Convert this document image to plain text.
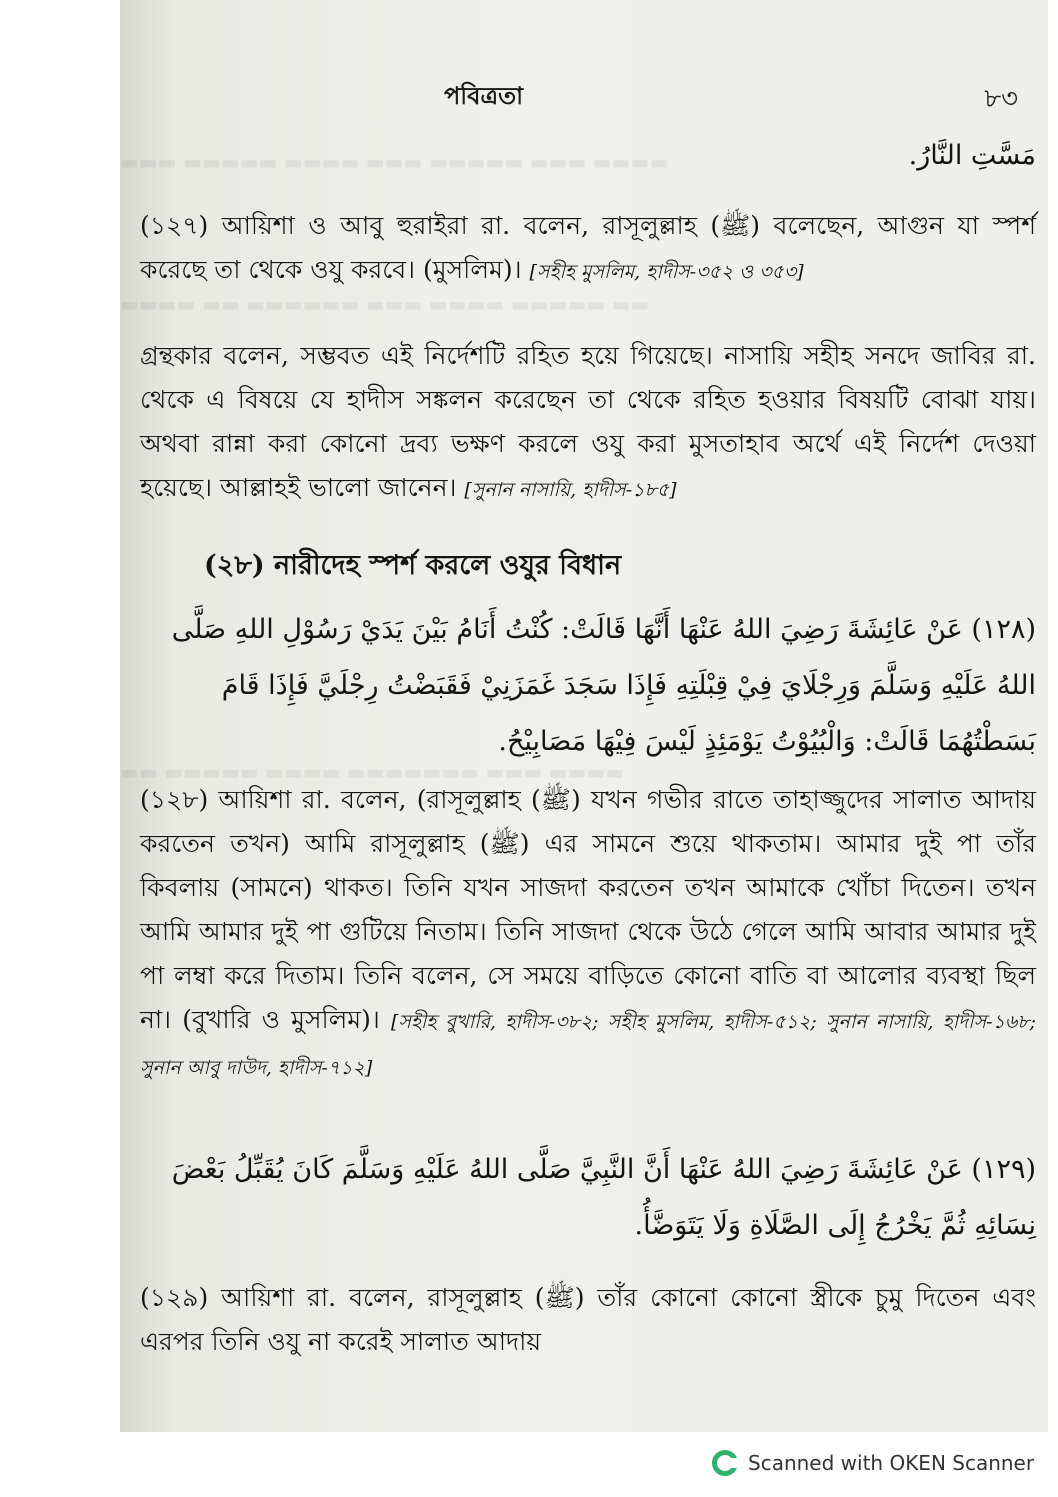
▬▬▬ ▬▬▬▬▬ ▬▬▬▬ ▬▬▬ ▬▬▬▬▬ ▬▬▬ ▬▬▬▬
▬▬▬▬ ▬▬ ▬▬▬▬▬▬ ▬▬▬ ▬▬▬▬ ▬▬▬▬▬ ▬▬
▬▬ ▬▬▬▬▬ ▬▬▬▬ ▬▬▬▬▬▬▬ ▬▬▬ ▬▬▬▬
পবিত্রতা	৮৩
مَسَّتِ النَّارُ.
(১২৭) আয়িশা ও আবু হুরাইরা রা. বলেন, রাসূলুল্লাহ (ﷺ) বলেছেন, আগুন যা স্পর্শ করেছে তা থেকে ওযু করবে। (মুসলিম)। [সহীহ মুসলিম, হাদীস-৩৫২ ও ৩৫৩]
গ্রন্থকার বলেন, সম্ভবত এই নির্দেশটি রহিত হয়ে গিয়েছে। নাসায়ি সহীহ সনদে জাবির রা. থেকে এ বিষয়ে যে হাদীস সঙ্কলন করেছেন তা থেকে রহিত হওয়ার বিষয়টি বোঝা যায়। অথবা রান্না করা কোনো দ্রব্য ভক্ষণ করলে ওযু করা মুসতাহাব অর্থে এই নির্দেশ দেওয়া হয়েছে। আল্লাহই ভালো জানেন। [সুনান নাসায়ি, হাদীস-১৮৫]
(২৮) নারীদেহ স্পর্শ করলে ওযুর বিধান
(١٢٨) عَنْ عَائِشَةَ رَضِيَ اللهُ عَنْهَا أَنَّهَا قَالَتْ: كُنْتُ أَنَامُ بَيْنَ يَدَيْ رَسُوْلِ اللهِ صَلَّى اللهُ عَلَيْهِ وَسَلَّمَ وَرِجْلَايَ فِيْ قِبْلَتِهِ فَإِذَا سَجَدَ غَمَزَنِيْ فَقَبَضْتُ رِجْلَيَّ فَإِذَا قَامَ بَسَطْتُهُمَا قَالَتْ: وَالْبُيُوْتُ يَوْمَئِذٍ لَيْسَ فِيْهَا مَصَابِيْحُ.
(১২৮) আয়িশা রা. বলেন, (রাসূলুল্লাহ (ﷺ) যখন গভীর রাতে তাহাজ্জুদের সালাত আদায় করতেন তখন) আমি রাসূলুল্লাহ (ﷺ) এর সামনে শুয়ে থাকতাম। আমার দুই পা তাঁর কিবলায় (সামনে) থাকত। তিনি যখন সাজদা করতেন তখন আমাকে খোঁচা দিতেন। তখন আমি আমার দুই পা গুটিয়ে নিতাম। তিনি সাজদা থেকে উঠে গেলে আমি আবার আমার দুই পা লম্বা করে দিতাম। তিনি বলেন, সে সময়ে বাড়িতে কোনো বাতি বা আলোর ব্যবস্থা ছিল না। (বুখারি ও মুসলিম)। [সহীহ বুখারি, হাদীস-৩৮২; সহীহ মুসলিম, হাদীস-৫১২; সুনান নাসায়ি, হাদীস-১৬৮; সুনান আবু দাউদ, হাদীস-৭১২]
(١٢٩) عَنْ عَائِشَةَ رَضِيَ اللهُ عَنْهَا أَنَّ النَّبِيَّ صَلَّى اللهُ عَلَيْهِ وَسَلَّمَ كَانَ يُقَبِّلُ بَعْضَ نِسَائِهِ ثُمَّ يَخْرُجُ إِلَى الصَّلَاةِ وَلَا يَتَوَضَّأُ.
(১২৯) আয়িশা রা. বলেন, রাসূলুল্লাহ (ﷺ) তাঁর কোনো কোনো স্ত্রীকে চুমু দিতেন এবং এরপর তিনি ওযু না করেই সালাত আদায়
Scanned with OKEN Scanner
